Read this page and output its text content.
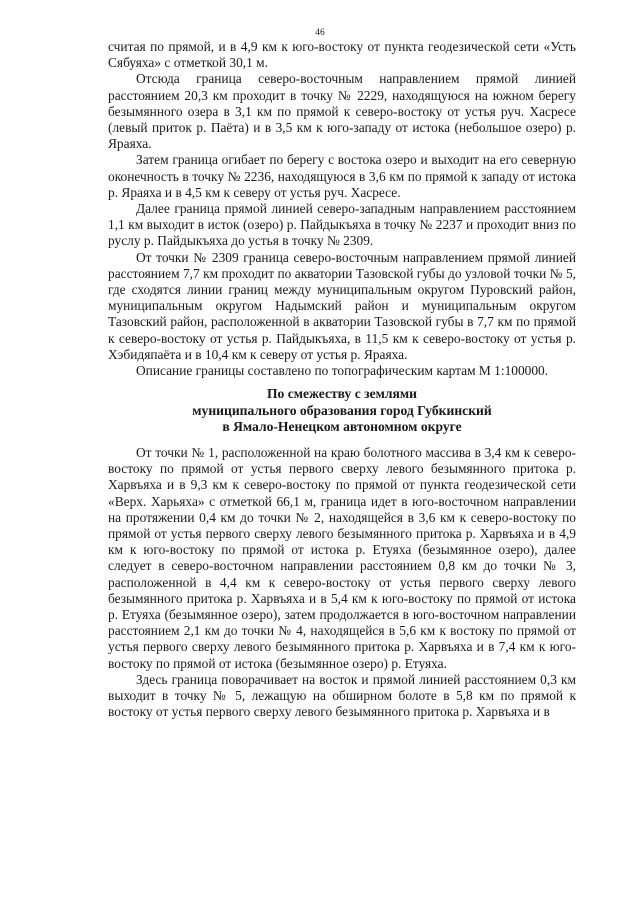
46

считая по прямой, и в 4,9 км к юго-востоку от пункта геодезической сети «Усть Сябуяха» с отметкой 30,1 м.

Отсюда граница северо-восточным направлением прямой линией расстоянием 20,3 км проходит в точку № 2229, находящуюся на южном берегу безымянного озера в 3,1 км по прямой к северо-востоку от устья руч. Хасресе (левый приток р. Паёта) и в 3,5 км к юго-западу от истока (небольшое озеро) р. Яраяха.

Затем граница огибает по берегу с востока озеро и выходит на его северную оконечность в точку № 2236, находящуюся в 3,6 км по прямой к западу от истока р. Яраяха и в 4,5 км к северу от устья руч. Хасресе.

Далее граница прямой линией северо-западным направлением расстоянием 1,1 км выходит в исток (озеро) р. Пайдыкъяха в точку № 2237 и проходит вниз по руслу р. Пайдыкъяха до устья в точку № 2309.

От точки № 2309 граница северо-восточным направлением прямой линией расстоянием 7,7 км проходит по акватории Тазовской губы до узловой точки № 5, где сходятся линии границ между муниципальным округом Пуровский район, муниципальным округом Надымский район и муниципальным округом Тазовский район, расположенной в акватории Тазовской губы в 7,7 км по прямой к северо-востоку от устья р. Пайдыкъяха, в 11,5 км к северо-востоку от устья р. Хэбидяпаёта и в 10,4 км к северу от устья р. Яраяха.

Описание границы составлено по топографическим картам М 1:100000.

По смежеству с землями
муниципального образования город Губкинский
в Ямало-Ненецком автономном округе

От точки № 1, расположенной на краю болотного массива в 3,4 км к северо-востоку по прямой от устья первого сверху левого безымянного притока р. Харвъяха и в 9,3 км к северо-востоку по прямой от пункта геодезической сети «Верх. Харьяха» с отметкой 66,1 м, граница идет в юго-восточном направлении на протяжении 0,4 км до точки № 2, находящейся в 3,6 км к северо-востоку по прямой от устья первого сверху левого безымянного притока р. Харвъяха и в 4,9 км к юго-востоку по прямой от истока р. Етуяха (безымянное озеро), далее следует в северо-восточном направлении расстоянием 0,8 км до точки № 3, расположенной в 4,4 км к северо-востоку от устья первого сверху левого безымянного притока р. Харвъяха и в 5,4 км к юго-востоку по прямой от истока р. Етуяха (безымянное озеро), затем продолжается в юго-восточном направлении расстоянием 2,1 км до точки № 4, находящейся в 5,6 км к востоку по прямой от устья первого сверху левого безымянного притока р. Харвъяха и в 7,4 км к юго-востоку по прямой от истока (безымянное озеро) р. Етуяха.

Здесь граница поворачивает на восток и прямой линией расстоянием 0,3 км выходит в точку № 5, лежащую на обширном болоте в 5,8 км по прямой к востоку от устья первого сверху левого безымянного притока р. Харвъяха и в
